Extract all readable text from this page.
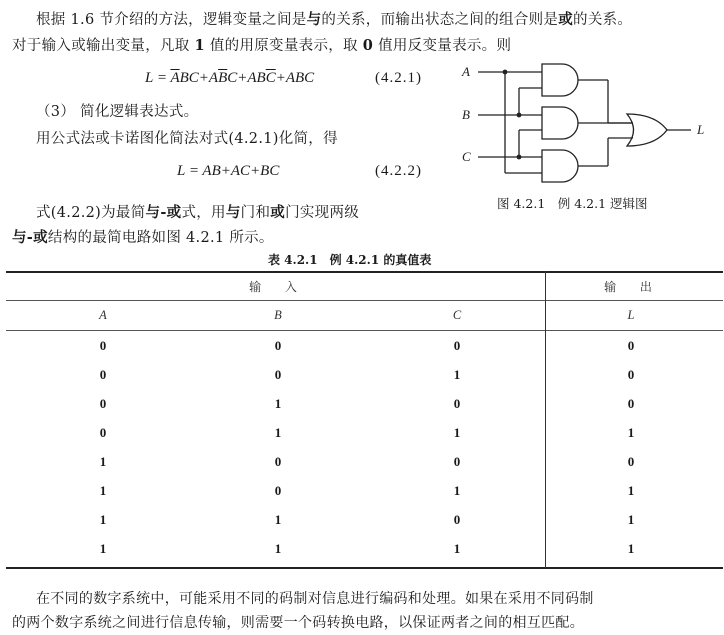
根据 1.6 节介绍的方法，逻辑变量之间是与的关系，而输出状态之间的组合则是或的关系。
对于输入或输出变量，凡取 1 值的用原变量表示，取 0 值用反变量表示。则
$L = \overline{A}BC+A\overline{B}C+AB\overline{C}+ABC$	(4.2.1)
（3） 简化逻辑表达式。
用公式法或卡诺图化简法对式(4.2.1)化简，得
L = AB+AC+BC	(4.2.2)
式(4.2.2)为最简与-或式，用与门和或门实现两级
与-或结构的最简电路如图 4.2.1 所示。
A
B
C
L
图 4.2.1　例 4.2.1 逻辑图
表 4.2.1　例 4.2.1 的真值表
输 入	输 出
A	B	C	L
0	0	0	0
0	0	1	0
0	1	0	0
0	1	1	1
1	0	0	0
1	0	1	1
1	1	0	1
1	1	1	1
在不同的数字系统中，可能采用不同的码制对信息进行编码和处理。如果在采用不同码制
的两个数字系统之间进行信息传输，则需要一个码转换电路，以保证两者之间的相互匹配。
